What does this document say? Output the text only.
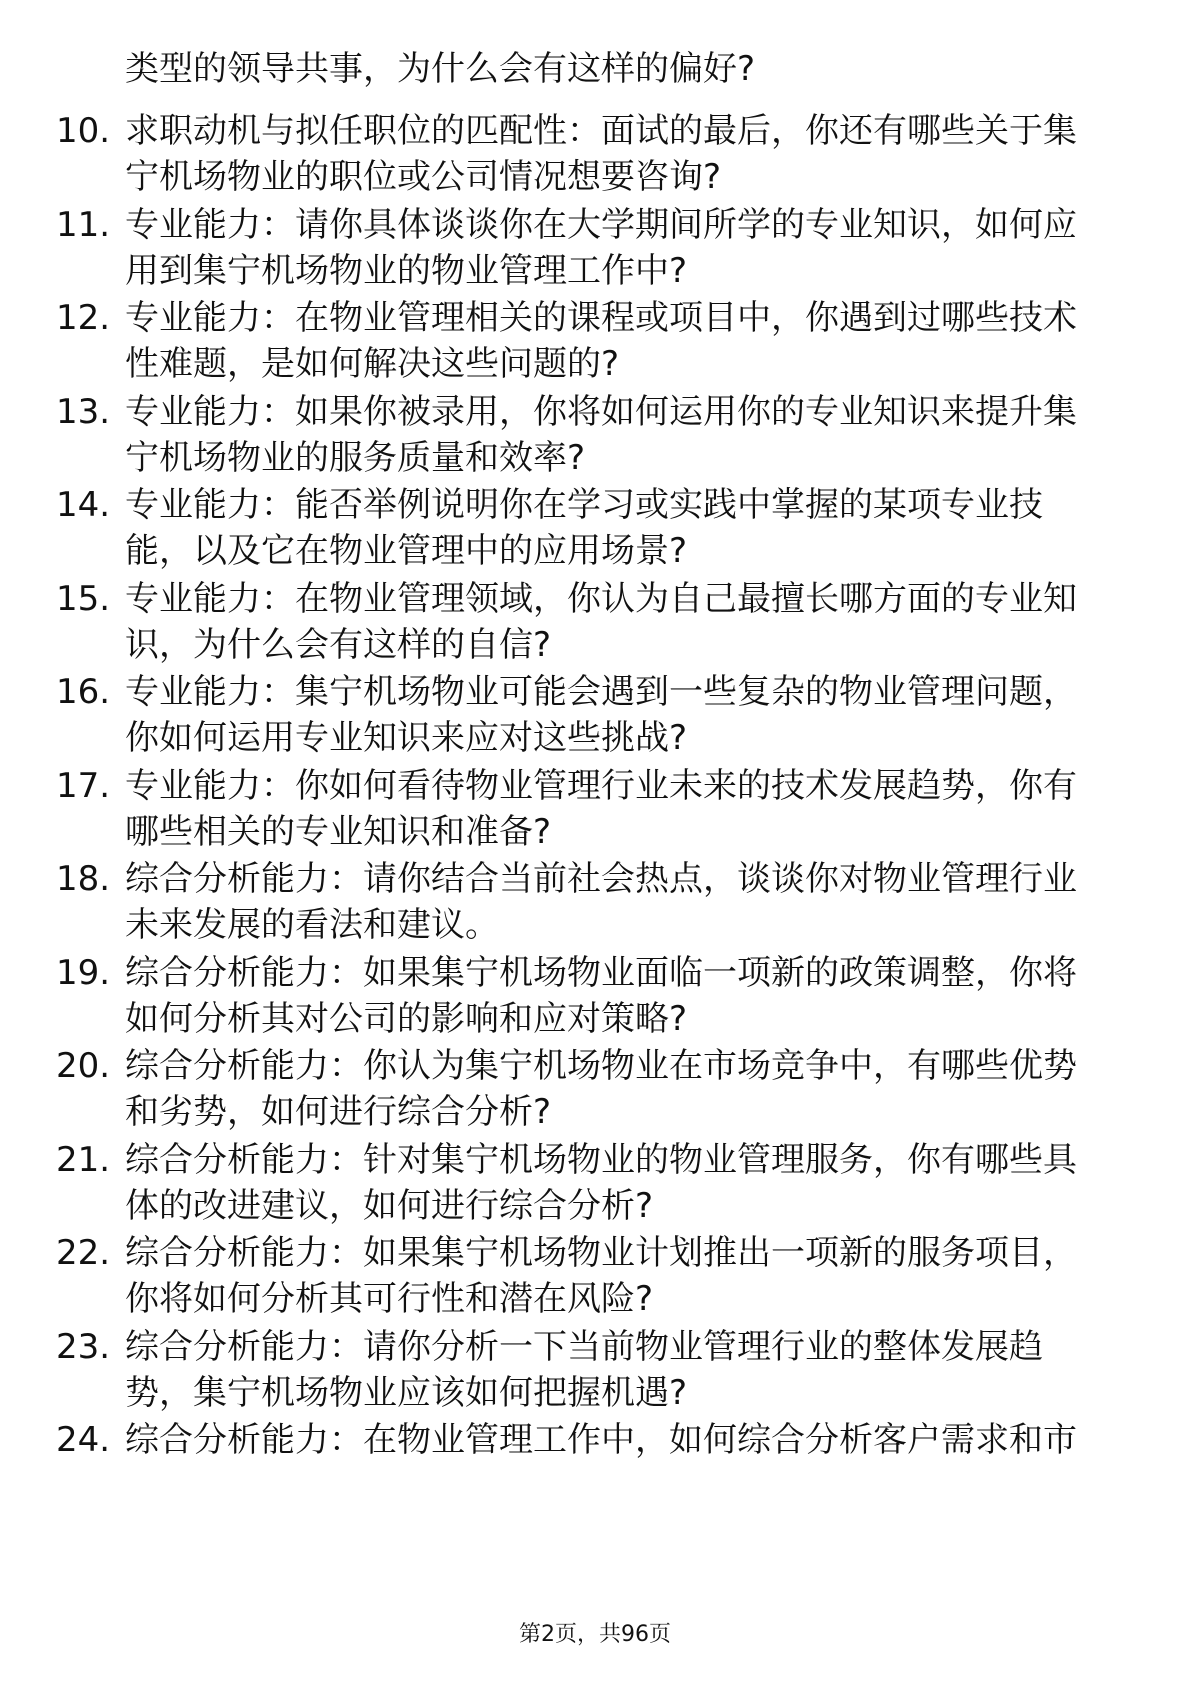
类型的领导共事，为什么会有这样的偏好?

10. 求职动机与拟任职位的匹配性：面试的最后，你还有哪些关于集
宁机场物业的职位或公司情况想要咨询?
11. 专业能力：请你具体谈谈你在大学期间所学的专业知识，如何应
用到集宁机场物业的物业管理工作中?
12. 专业能力：在物业管理相关的课程或项目中，你遇到过哪些技术
性难题，是如何解决这些问题的?
13. 专业能力：如果你被录用，你将如何运用你的专业知识来提升集
宁机场物业的服务质量和效率?
14. 专业能力：能否举例说明你在学习或实践中掌握的某项专业技
能，以及它在物业管理中的应用场景?
15. 专业能力：在物业管理领域，你认为自己最擅长哪方面的专业知
识，为什么会有这样的自信?
16. 专业能力：集宁机场物业可能会遇到一些复杂的物业管理问题，
你如何运用专业知识来应对这些挑战?
17. 专业能力：你如何看待物业管理行业未来的技术发展趋势，你有
哪些相关的专业知识和准备?
18. 综合分析能力：请你结合当前社会热点，谈谈你对物业管理行业
未来发展的看法和建议。
19. 综合分析能力：如果集宁机场物业面临一项新的政策调整，你将
如何分析其对公司的影响和应对策略?
20. 综合分析能力：你认为集宁机场物业在市场竞争中，有哪些优势
和劣势，如何进行综合分析?
21. 综合分析能力：针对集宁机场物业的物业管理服务，你有哪些具
体的改进建议，如何进行综合分析?
22. 综合分析能力：如果集宁机场物业计划推出一项新的服务项目，
你将如何分析其可行性和潜在风险?
23. 综合分析能力：请你分析一下当前物业管理行业的整体发展趋
势，集宁机场物业应该如何把握机遇?
24. 综合分析能力：在物业管理工作中，如何综合分析客户需求和市
第2页，共96页
